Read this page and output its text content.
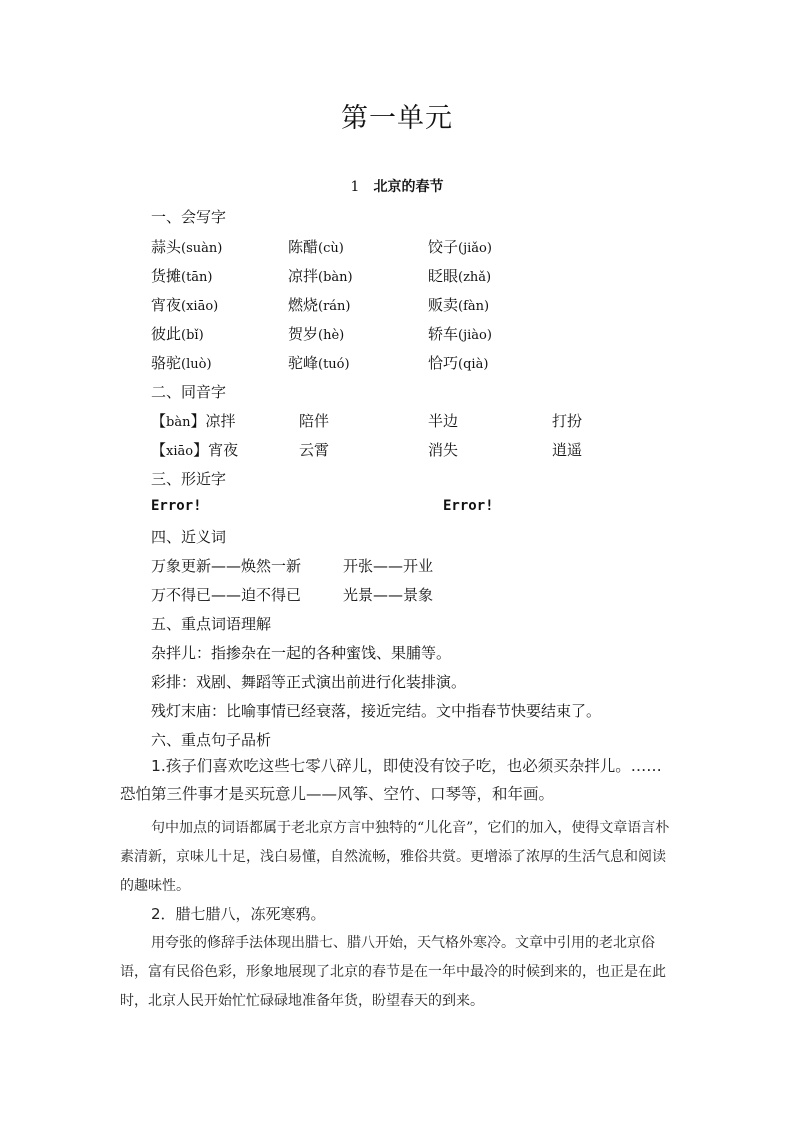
第一单元
1 北京的春节
一、会写字
蒜头(suàn)	陈醋(cù)	饺子(jiǎo)
货摊(tān)	凉拌(bàn)	眨眼(zhǎ)
宵夜(xiāo)	燃烧(rán)	贩卖(fàn)
彼此(bǐ)	贺岁(hè)	轿车(jiào)
骆驼(luò)	驼峰(tuó)	恰巧(qià)
二、同音字
【bàn】凉拌	陪伴	半边	打扮
【xiāo】宵夜	云霄	消失	逍遥
三、形近字
Error!	Error!
四、近义词
万象更新——焕然一新	开张——开业
万不得已——迫不得已	光景——景象
五、重点词语理解
杂拌儿：指掺杂在一起的各种蜜饯、果脯等。
彩排：戏剧、舞蹈等正式演出前进行化装排演。
残灯末庙：比喻事情已经衰落，接近完结。文中指春节快要结束了。
六、重点句子品析

1.孩子们喜欢吃这些七零八碎儿，即使没有饺子吃，也必须买杂拌儿。……恐怕第三件事才是买玩意儿——风筝、空竹、口琴等，和年画。

句中加点的词语都属于老北京方言中独特的“儿化音”，它们的加入，使得文章语言朴素清新，京味儿十足，浅白易懂，自然流畅，雅俗共赏。更增添了浓厚的生活气息和阅读的趣味性。

2．腊七腊八，冻死寒鸦。

用夸张的修辞手法体现出腊七、腊八开始，天气格外寒冷。文章中引用的老北京俗语，富有民俗色彩，形象地展现了北京的春节是在一年中最冷的时候到来的，也正是在此时，北京人民开始忙忙碌碌地准备年货，盼望春天的到来。
